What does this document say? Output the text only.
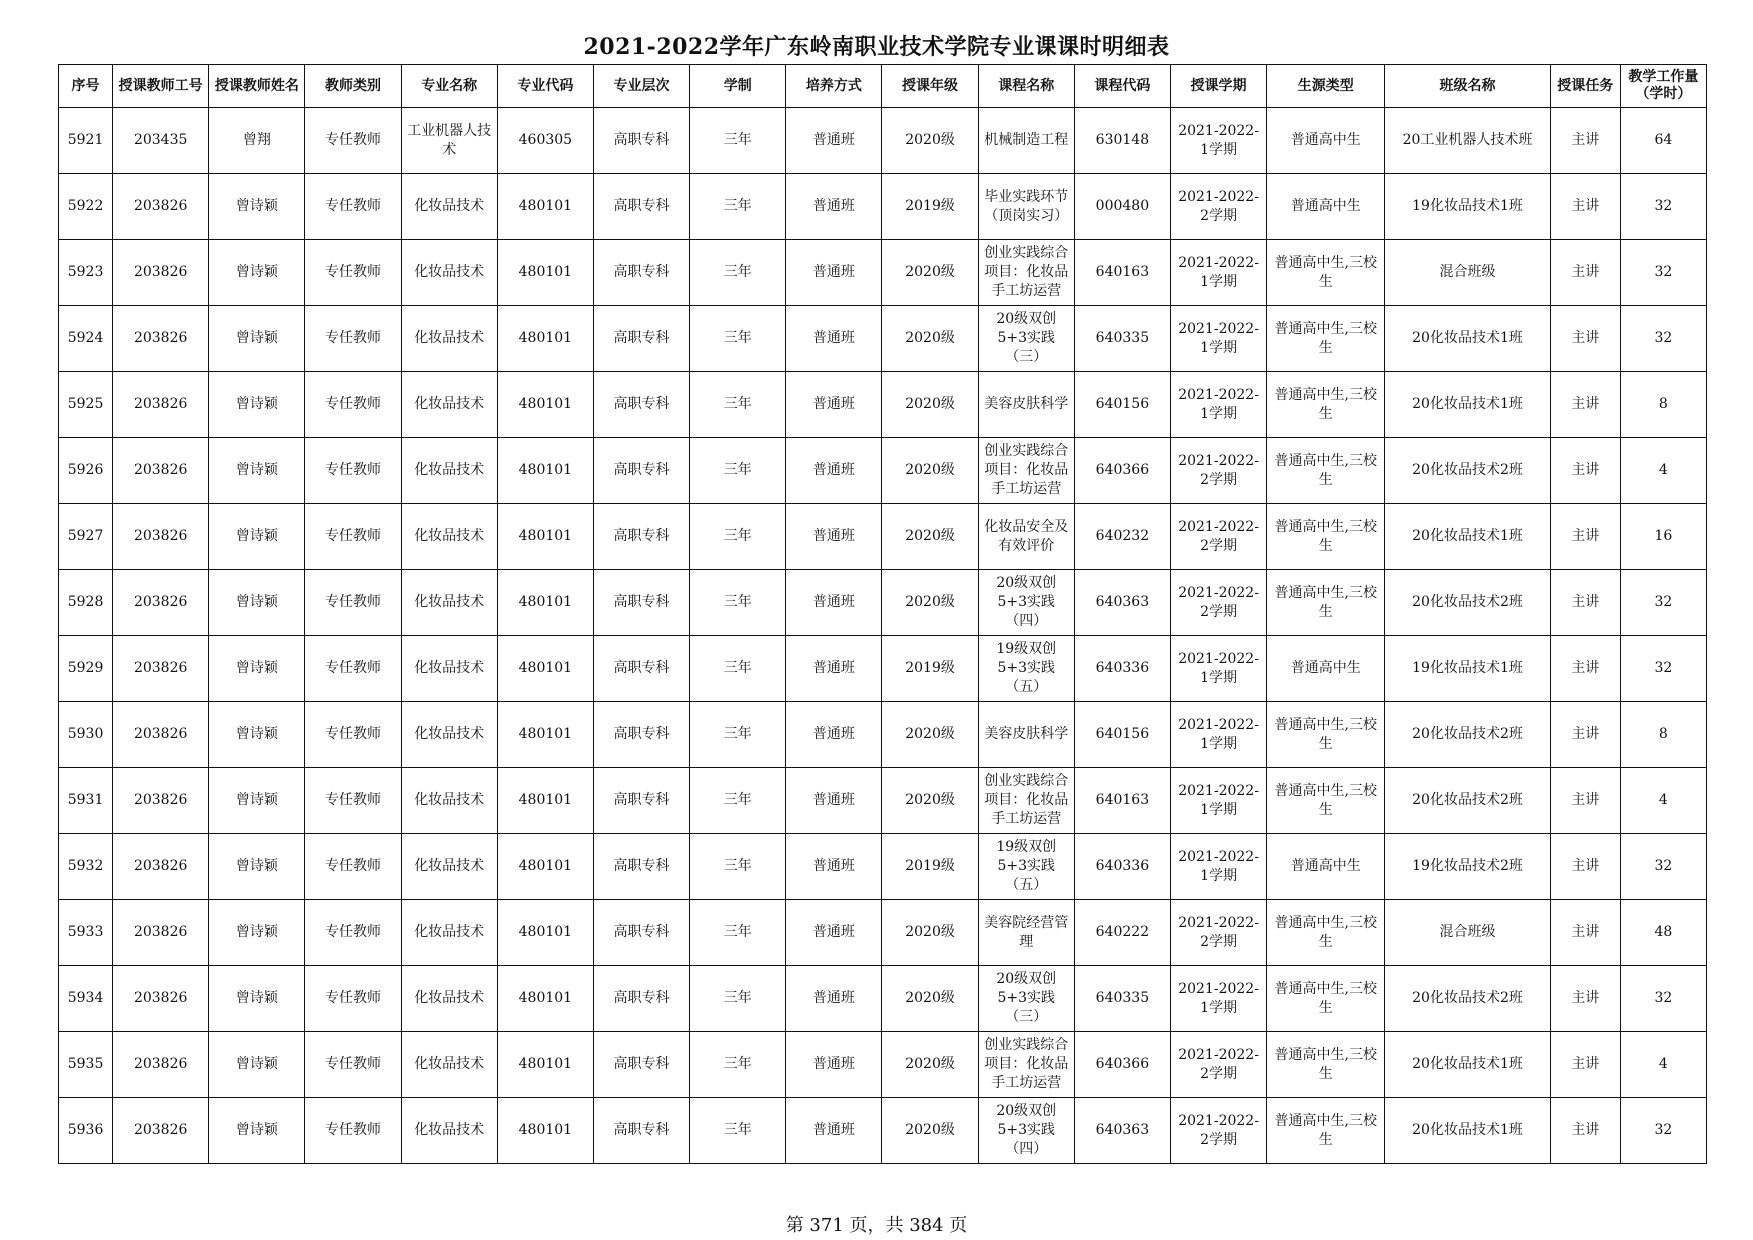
2021-2022学年广东岭南职业技术学院专业课课时明细表
序号	授课教师工号	授课教师姓名	教师类别	专业名称	专业代码	专业层次	学制	培养方式	授课年级	课程名称	课程代码	授课学期	生源类型	班级名称	授课任务	教学工作量（学时）
5921	203435	曾翔	专任教师	工业机器人技术	460305	高职专科	三年	普通班	2020级	机械制造工程	630148	2021-2022-1学期	普通高中生	20工业机器人技术班	主讲	64
5922	203826	曾诗颖	专任教师	化妆品技术	480101	高职专科	三年	普通班	2019级	毕业实践环节（顶岗实习）	000480	2021-2022-2学期	普通高中生	19化妆品技术1班	主讲	32
5923	203826	曾诗颖	专任教师	化妆品技术	480101	高职专科	三年	普通班	2020级	创业实践综合项目：化妆品手工坊运营	640163	2021-2022-1学期	普通高中生,三校生	混合班级	主讲	32
5924	203826	曾诗颖	专任教师	化妆品技术	480101	高职专科	三年	普通班	2020级	20级双创5+3实践（三）	640335	2021-2022-1学期	普通高中生,三校生	20化妆品技术1班	主讲	32
5925	203826	曾诗颖	专任教师	化妆品技术	480101	高职专科	三年	普通班	2020级	美容皮肤科学	640156	2021-2022-1学期	普通高中生,三校生	20化妆品技术1班	主讲	8
5926	203826	曾诗颖	专任教师	化妆品技术	480101	高职专科	三年	普通班	2020级	创业实践综合项目：化妆品手工坊运营	640366	2021-2022-2学期	普通高中生,三校生	20化妆品技术2班	主讲	4
5927	203826	曾诗颖	专任教师	化妆品技术	480101	高职专科	三年	普通班	2020级	化妆品安全及有效评价	640232	2021-2022-2学期	普通高中生,三校生	20化妆品技术1班	主讲	16
5928	203826	曾诗颖	专任教师	化妆品技术	480101	高职专科	三年	普通班	2020级	20级双创5+3实践（四）	640363	2021-2022-2学期	普通高中生,三校生	20化妆品技术2班	主讲	32
5929	203826	曾诗颖	专任教师	化妆品技术	480101	高职专科	三年	普通班	2019级	19级双创5+3实践（五）	640336	2021-2022-1学期	普通高中生	19化妆品技术1班	主讲	32
5930	203826	曾诗颖	专任教师	化妆品技术	480101	高职专科	三年	普通班	2020级	美容皮肤科学	640156	2021-2022-1学期	普通高中生,三校生	20化妆品技术2班	主讲	8
5931	203826	曾诗颖	专任教师	化妆品技术	480101	高职专科	三年	普通班	2020级	创业实践综合项目：化妆品手工坊运营	640163	2021-2022-1学期	普通高中生,三校生	20化妆品技术2班	主讲	4
5932	203826	曾诗颖	专任教师	化妆品技术	480101	高职专科	三年	普通班	2019级	19级双创5+3实践（五）	640336	2021-2022-1学期	普通高中生	19化妆品技术2班	主讲	32
5933	203826	曾诗颖	专任教师	化妆品技术	480101	高职专科	三年	普通班	2020级	美容院经营管理	640222	2021-2022-2学期	普通高中生,三校生	混合班级	主讲	48
5934	203826	曾诗颖	专任教师	化妆品技术	480101	高职专科	三年	普通班	2020级	20级双创5+3实践（三）	640335	2021-2022-1学期	普通高中生,三校生	20化妆品技术2班	主讲	32
5935	203826	曾诗颖	专任教师	化妆品技术	480101	高职专科	三年	普通班	2020级	创业实践综合项目：化妆品手工坊运营	640366	2021-2022-2学期	普通高中生,三校生	20化妆品技术1班	主讲	4
5936	203826	曾诗颖	专任教师	化妆品技术	480101	高职专科	三年	普通班	2020级	20级双创5+3实践（四）	640363	2021-2022-2学期	普通高中生,三校生	20化妆品技术1班	主讲	32
第 371 页，共 384 页
